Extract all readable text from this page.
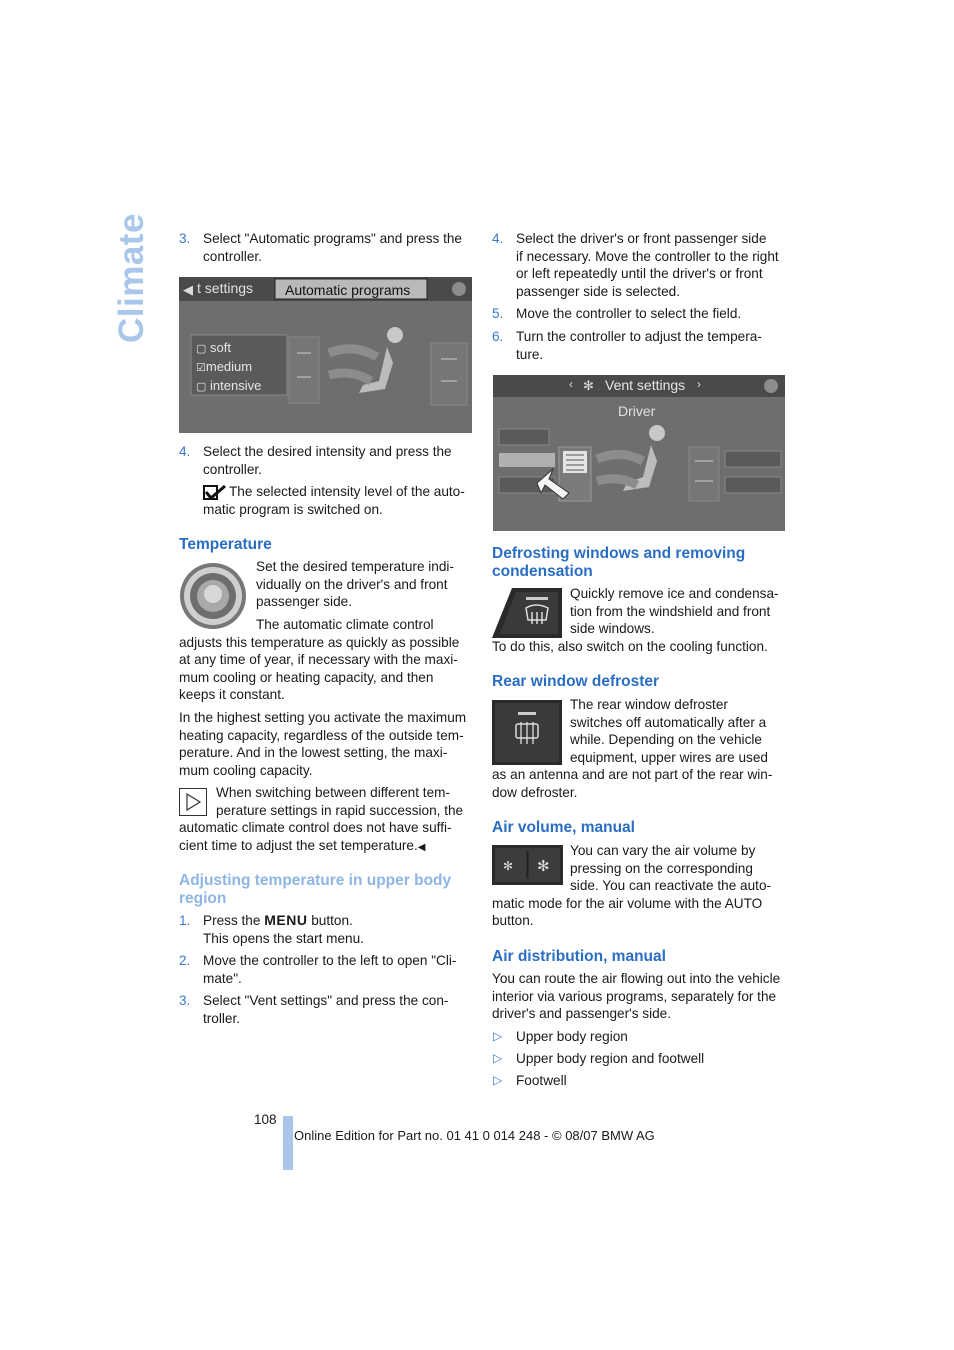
Climate 3. Select "Automatic programs" and press the
controller.
◀ t settings Automatic programs
▢ soft
☑medium
▢ intensive
4. Select the desired intensity and press the
controller.
The selected intensity level of the auto-
matic program is switched on.
Temperature
Set the desired temperature indi-
vidually on the driver's and front
passenger side.
The automatic climate control
adjusts this temperature as quickly as possible
at any time of year, if necessary with the maxi-
mum cooling or heating capacity, and then
keeps it constant.
In the highest setting you activate the maximum
heating capacity, regardless of the outside tem-
perature. And in the lowest setting, the maxi-
mum cooling capacity.
When switching between different tem-
perature settings in rapid succession, the
automatic climate control does not have suffi-
cient time to adjust the set temperature.◀
Adjusting temperature in upper body
region
1. Press the MENU button.
This opens the start menu.
2. Move the controller to the left to open "Cli-
mate".
3. Select "Vent settings" and press the con-
troller.
4. Select the driver's or front passenger side
if necessary. Move the controller to the right
or left repeatedly until the driver's or front
passenger side is selected.
5. Move the controller to select the field.
6. Turn the controller to adjust the tempera-
ture.
‹ ✻ Vent settings ›
Driver
Defrosting windows and removing
condensation
Quickly remove ice and condensa-
tion from the windshield and front
side windows.
To do this, also switch on the cooling function.
Rear window defroster
The rear window defroster
switches off automatically after a
while. Depending on the vehicle
equipment, upper wires are used
as an antenna and are not part of the rear win-
dow defroster.
Air volume, manual
✻ ✻
You can vary the air volume by
pressing on the corresponding
side. You can reactivate the auto-
matic mode for the air volume with the AUTO
button.
Air distribution, manual
You can route the air flowing out into the vehicle
interior via various programs, separately for the
driver's and passenger's side.
▷ Upper body region
▷ Upper body region and footwell
▷ Footwell
108
Online Edition for Part no. 01 41 0 014 248 - © 08/07 BMW AG
